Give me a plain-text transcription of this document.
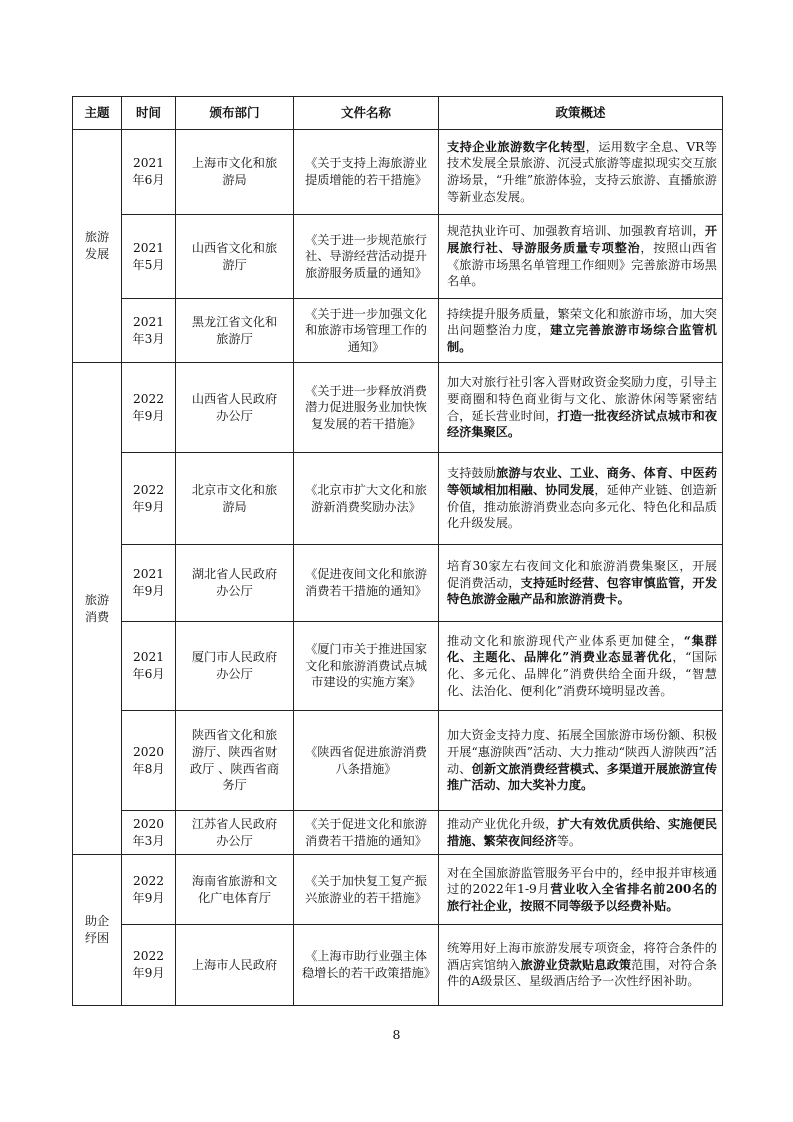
主题	时间	颁布部门	文件名称	政策概述
旅游发展	2021年6月	上海市文化和旅游局	《关于支持上海旅游业提质增能的若干措施》	支持企业旅游数字化转型，运用数字全息、VR等技术发展全景旅游、沉浸式旅游等虚拟现实交互旅游场景，“升维”旅游体验，支持云旅游、直播旅游等新业态发展。
	2021年5月	山西省文化和旅游厅	《关于进一步规范旅行社、导游经营活动提升旅游服务质量的通知》	规范执业许可、加强教育培训、加强教育培训，开展旅行社、导游服务质量专项整治，按照山西省《旅游市场黑名单管理工作细则》完善旅游市场黑名单。
	2021年3月	黑龙江省文化和旅游厅	《关于进一步加强文化和旅游市场管理工作的通知》	持续提升服务质量，繁荣文化和旅游市场，加大突出问题整治力度，建立完善旅游市场综合监管机制。
旅游消费	2022年9月	山西省人民政府办公厅	《关于进一步释放消费潜力促进服务业加快恢复发展的若干措施》	加大对旅行社引客入晋财政资金奖励力度，引导主要商圈和特色商业街与文化、旅游休闲等紧密结合，延长营业时间，打造一批夜经济试点城市和夜经济集聚区。
	2022年9月	北京市文化和旅游局	《北京市扩大文化和旅游新消费奖励办法》	支持鼓励旅游与农业、工业、商务、体育、中医药等领域相加相融、协同发展，延伸产业链、创造新价值，推动旅游消费业态向多元化、特色化和品质化升级发展。
	2021年9月	湖北省人民政府办公厅	《促进夜间文化和旅游消费若干措施的通知》	培育30家左右夜间文化和旅游消费集聚区，开展促消费活动，支持延时经营、包容审慎监管，开发特色旅游金融产品和旅游消费卡。
	2021年6月	厦门市人民政府办公厅	《厦门市关于推进国家文化和旅游消费试点城市建设的实施方案》	推动文化和旅游现代产业体系更加健全，“集群化、主题化、品牌化”消费业态显著优化，“国际化、多元化、品牌化”消费供给全面升级，“智慧化、法治化、便利化”消费环境明显改善。
	2020年8月	陕西省文化和旅游厅、陕西省财政厅 、陕西省商务厅	《陕西省促进旅游消费八条措施》	加大资金支持力度、拓展全国旅游市场份额、积极开展“惠游陕西”活动、大力推动“陕西人游陕西”活动、创新文旅消费经营模式、多渠道开展旅游宣传推广活动、加大奖补力度。
	2020年3月	江苏省人民政府办公厅	《关于促进文化和旅游消费若干措施的通知》	推动产业优化升级，扩大有效优质供给、实施便民措施、繁荣夜间经济等。
助企纾困	2022年9月	海南省旅游和文化广电体育厅	《关于加快复工复产振兴旅游业的若干措施》	对在全国旅游监管服务平台中的，经申报并审核通过的2022年1-9月营业收入全省排名前200名的旅行社企业，按照不同等级予以经费补贴。
	2022年9月	上海市人民政府	《上海市助行业强主体稳增长的若干政策措施》	统筹用好上海市旅游发展专项资金，将符合条件的酒店宾馆纳入旅游业贷款贴息政策范围，对符合条件的A级景区、星级酒店给予一次性纾困补助。
8
